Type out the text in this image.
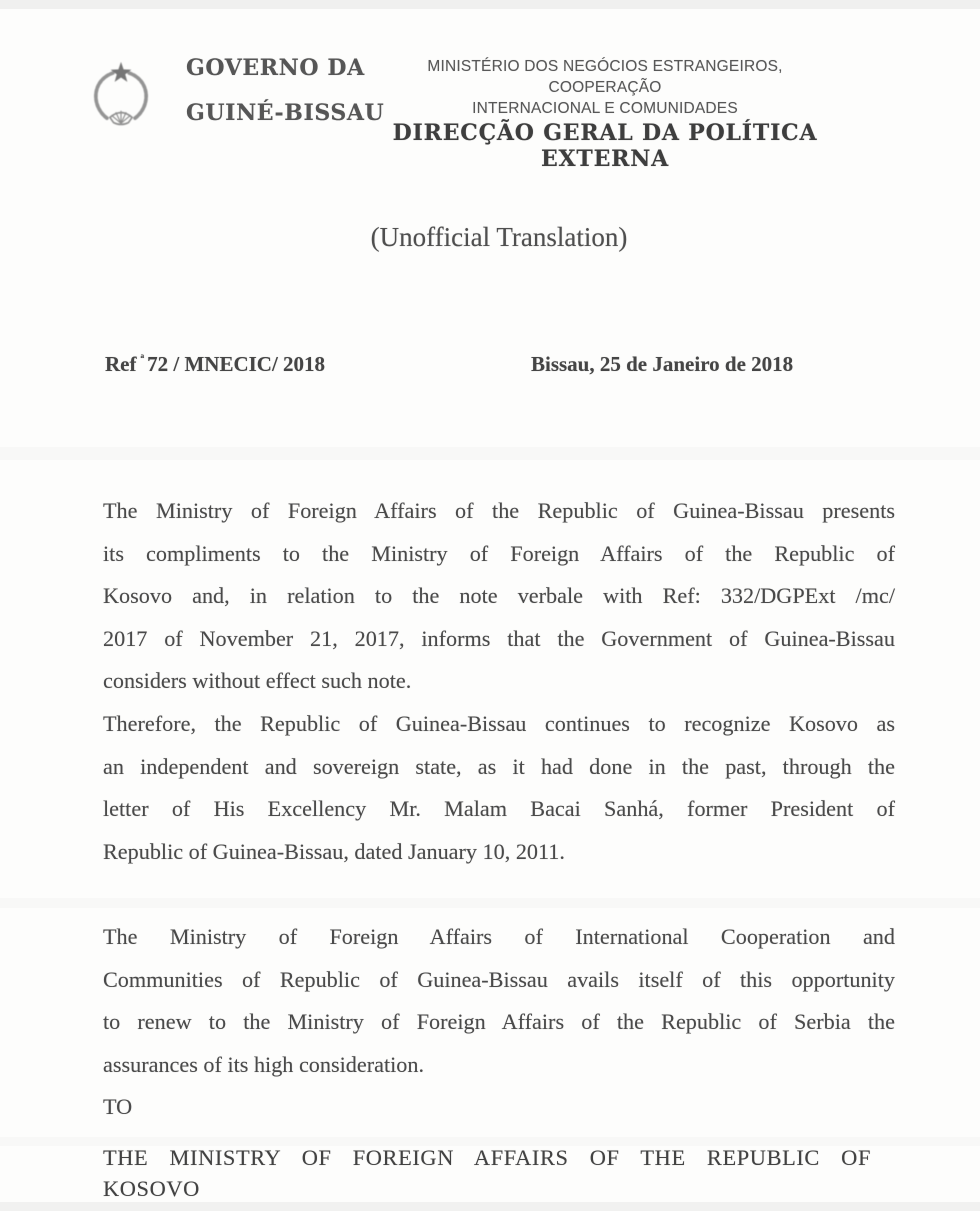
GOVERNO DA
GUINÉ-BISSAU
MINISTÉRIO DOS NEGÓCIOS ESTRANGEIROS, COOPERAÇÃO
INTERNACIONAL E COMUNIDADES
DIRECÇÃO GERAL DA POLÍTICA EXTERNA
(Unofficial Translation)
Ref $^ª$ 72 / MNECIC/ 2018	Bissau, 25 de Janeiro de 2018
The Ministry of Foreign Affairs of the Republic of Guinea-Bissau presents
its compliments to the Ministry of Foreign Affairs of the Republic of
Kosovo and, in relation to the note verbale with Ref: 332/DGPExt /mc/
2017 of November 21, 2017, informs that the Government of Guinea-Bissau
considers without effect such note.
Therefore, the Republic of Guinea-Bissau continues to recognize Kosovo as
an independent and sovereign state, as it had done in the past, through the
letter of His Excellency Mr. Malam Bacai Sanhá, former President of
Republic of Guinea-Bissau, dated January 10, 2011.
The Ministry of Foreign Affairs of International Cooperation and
Communities of Republic of Guinea-Bissau avails itself of this opportunity
to renew to the Ministry of Foreign Affairs of the Republic of Serbia the
assurances of its high consideration.
TO
THE MINISTRY OF FOREIGN AFFAIRS OF THE REPUBLIC OF
KOSOVO
